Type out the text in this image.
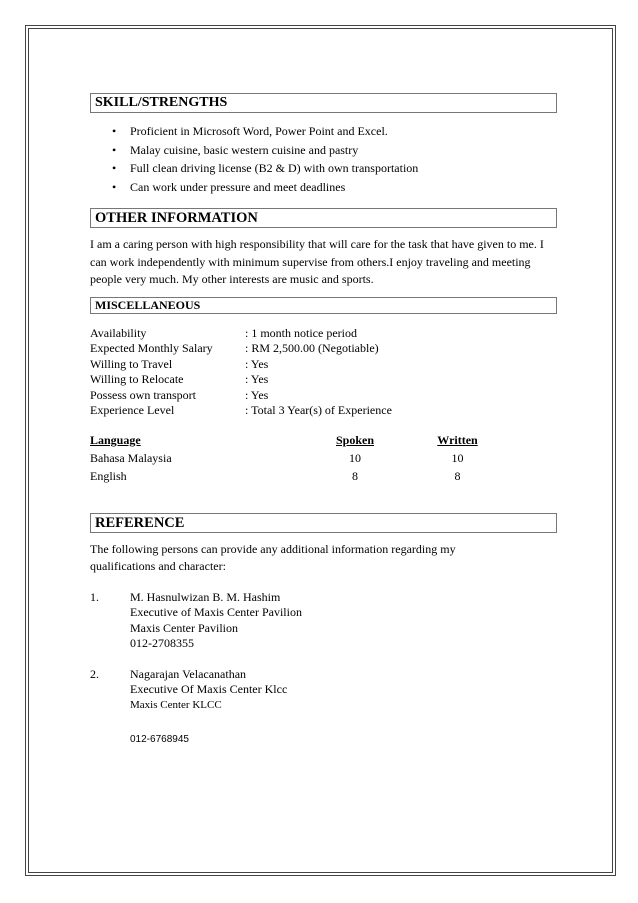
SKILL/STRENGTHS
• Proficient in Microsoft Word, Power Point and Excel.
• Malay cuisine, basic western cuisine and pastry
• Full clean driving license (B2 & D) with own transportation
• Can work under pressure and meet deadlines
OTHER INFORMATION

I am a caring person with high responsibility that will care for the task that have given to me. I can work independently with minimum supervise from others.I enjoy traveling and meeting people very much. My other interests are music and sports.

MISCELLANEOUS
Availability	: 1 month notice period
Expected Monthly Salary	: RM 2,500.00 (Negotiable)
Willing to Travel	: Yes
Willing to Relocate	: Yes
Possess own transport	: Yes
Experience Level	: Total 3 Year(s) of Experience
Language	Spoken	Written
Bahasa Malaysia	10	10
English	8	8
REFERENCE

The following persons can provide any additional information regarding my qualifications and character:

1.	M. Hasnulwizan B. M. Hashim
Executive of Maxis Center Pavilion
Maxis Center Pavilion
012-2708355
2.	Nagarajan Velacanathan
Executive Of Maxis Center Klcc
Maxis Center KLCC
012-6768945
